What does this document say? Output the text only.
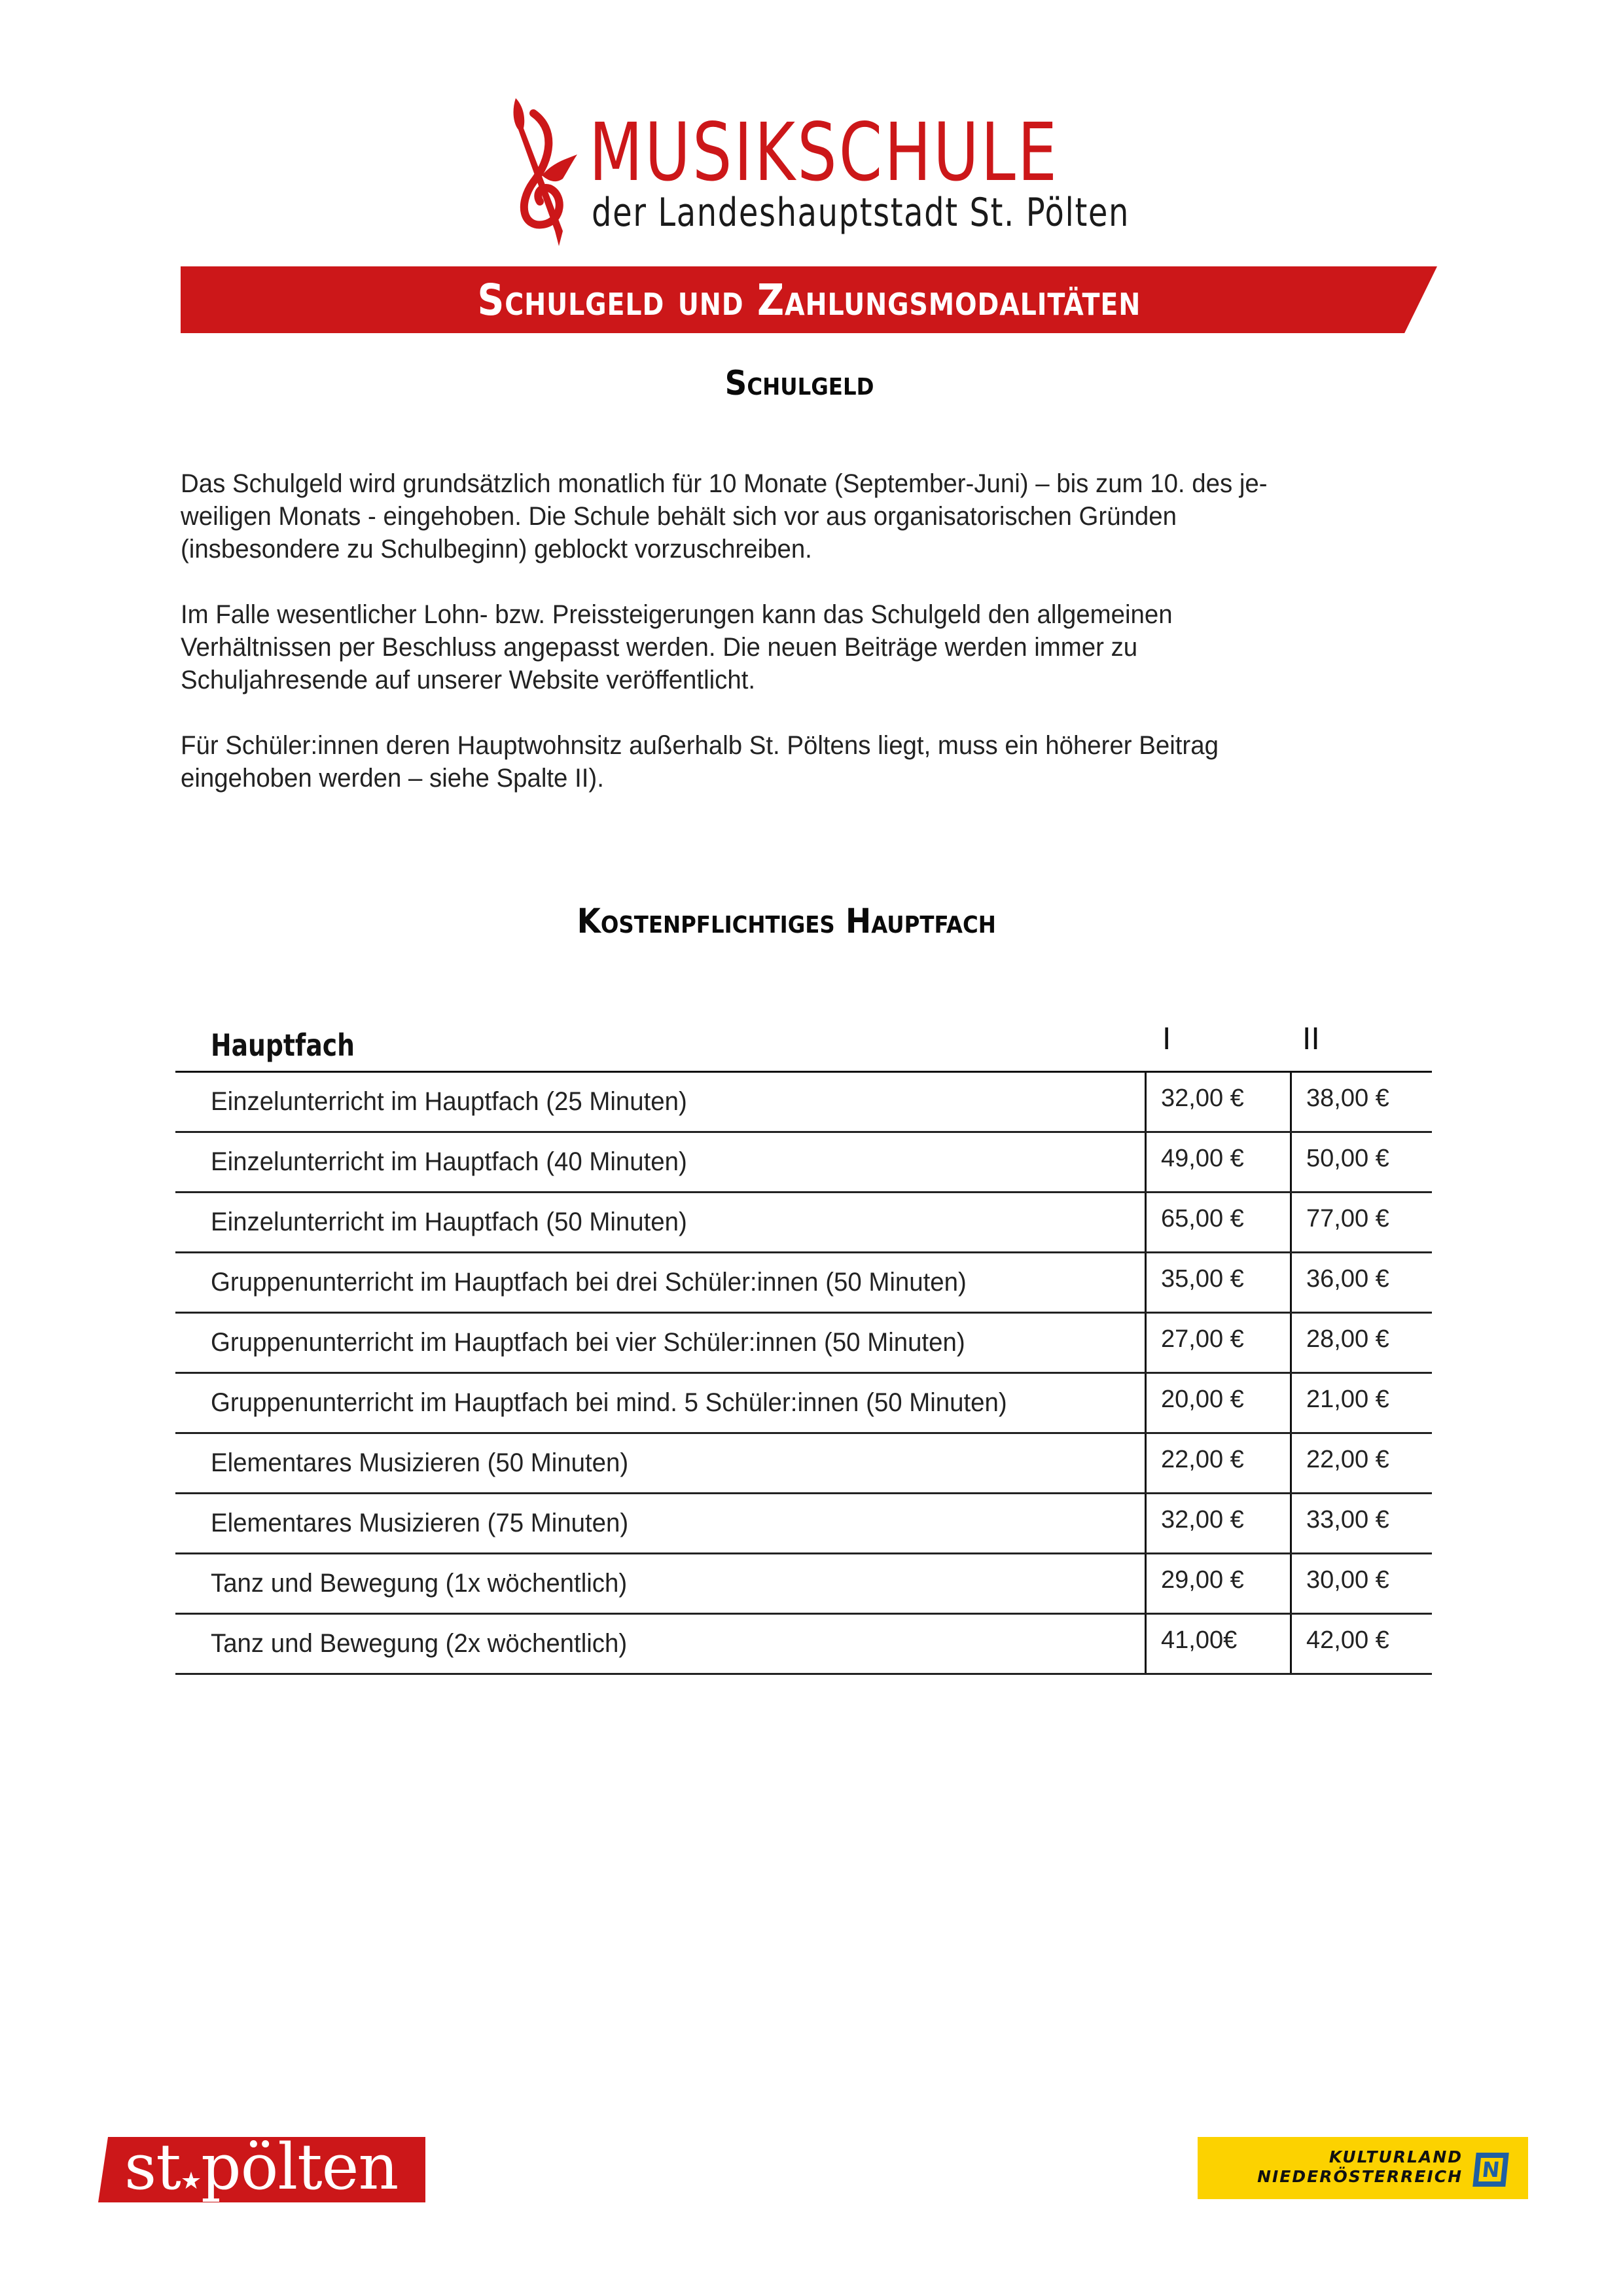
MUSIKSCHULE
der Landeshauptstadt St. Pölten
Schulgeld und Zahlungsmodalitäten
Schulgeld
Das Schulgeld wird grundsätzlich monatlich für 10 Monate (September-Juni) – bis zum 10. des je-
weiligen Monats - eingehoben. Die Schule behält sich vor aus organisatorischen Gründen
(insbesondere zu Schulbeginn) geblockt vorzuschreiben.
Im Falle wesentlicher Lohn- bzw. Preissteigerungen kann das Schulgeld den allgemeinen
Verhältnissen per Beschluss angepasst werden. Die neuen Beiträge werden immer zu
Schuljahresende auf unserer Website veröffentlicht.
Für Schüler:innen deren Hauptwohnsitz außerhalb St. Pöltens liegt, muss ein höherer Beitrag
eingehoben werden – siehe Spalte II).
Kostenpflichtiges Hauptfach
Hauptfach	I	II
Einzelunterricht im Hauptfach (25 Minuten)	32,00 €	38,00 €
Einzelunterricht im Hauptfach (40 Minuten)	49,00 €	50,00 €
Einzelunterricht im Hauptfach (50 Minuten)	65,00 €	77,00 €
Gruppenunterricht im Hauptfach bei drei Schüler:innen (50 Minuten)	35,00 €	36,00 €
Gruppenunterricht im Hauptfach bei vier Schüler:innen (50 Minuten)	27,00 €	28,00 €
Gruppenunterricht im Hauptfach bei mind. 5 Schüler:innen (50 Minuten)	20,00 €	21,00 €
Elementares Musizieren (50 Minuten)	22,00 €	22,00 €
Elementares Musizieren (75 Minuten)	32,00 €	33,00 €
Tanz und Bewegung (1x wöchentlich)	29,00 €	30,00 €
Tanz und Bewegung (2x wöchentlich)	41,00€	42,00 €
st★pölten	KULTURLAND
NIEDERÖSTERREICH N
